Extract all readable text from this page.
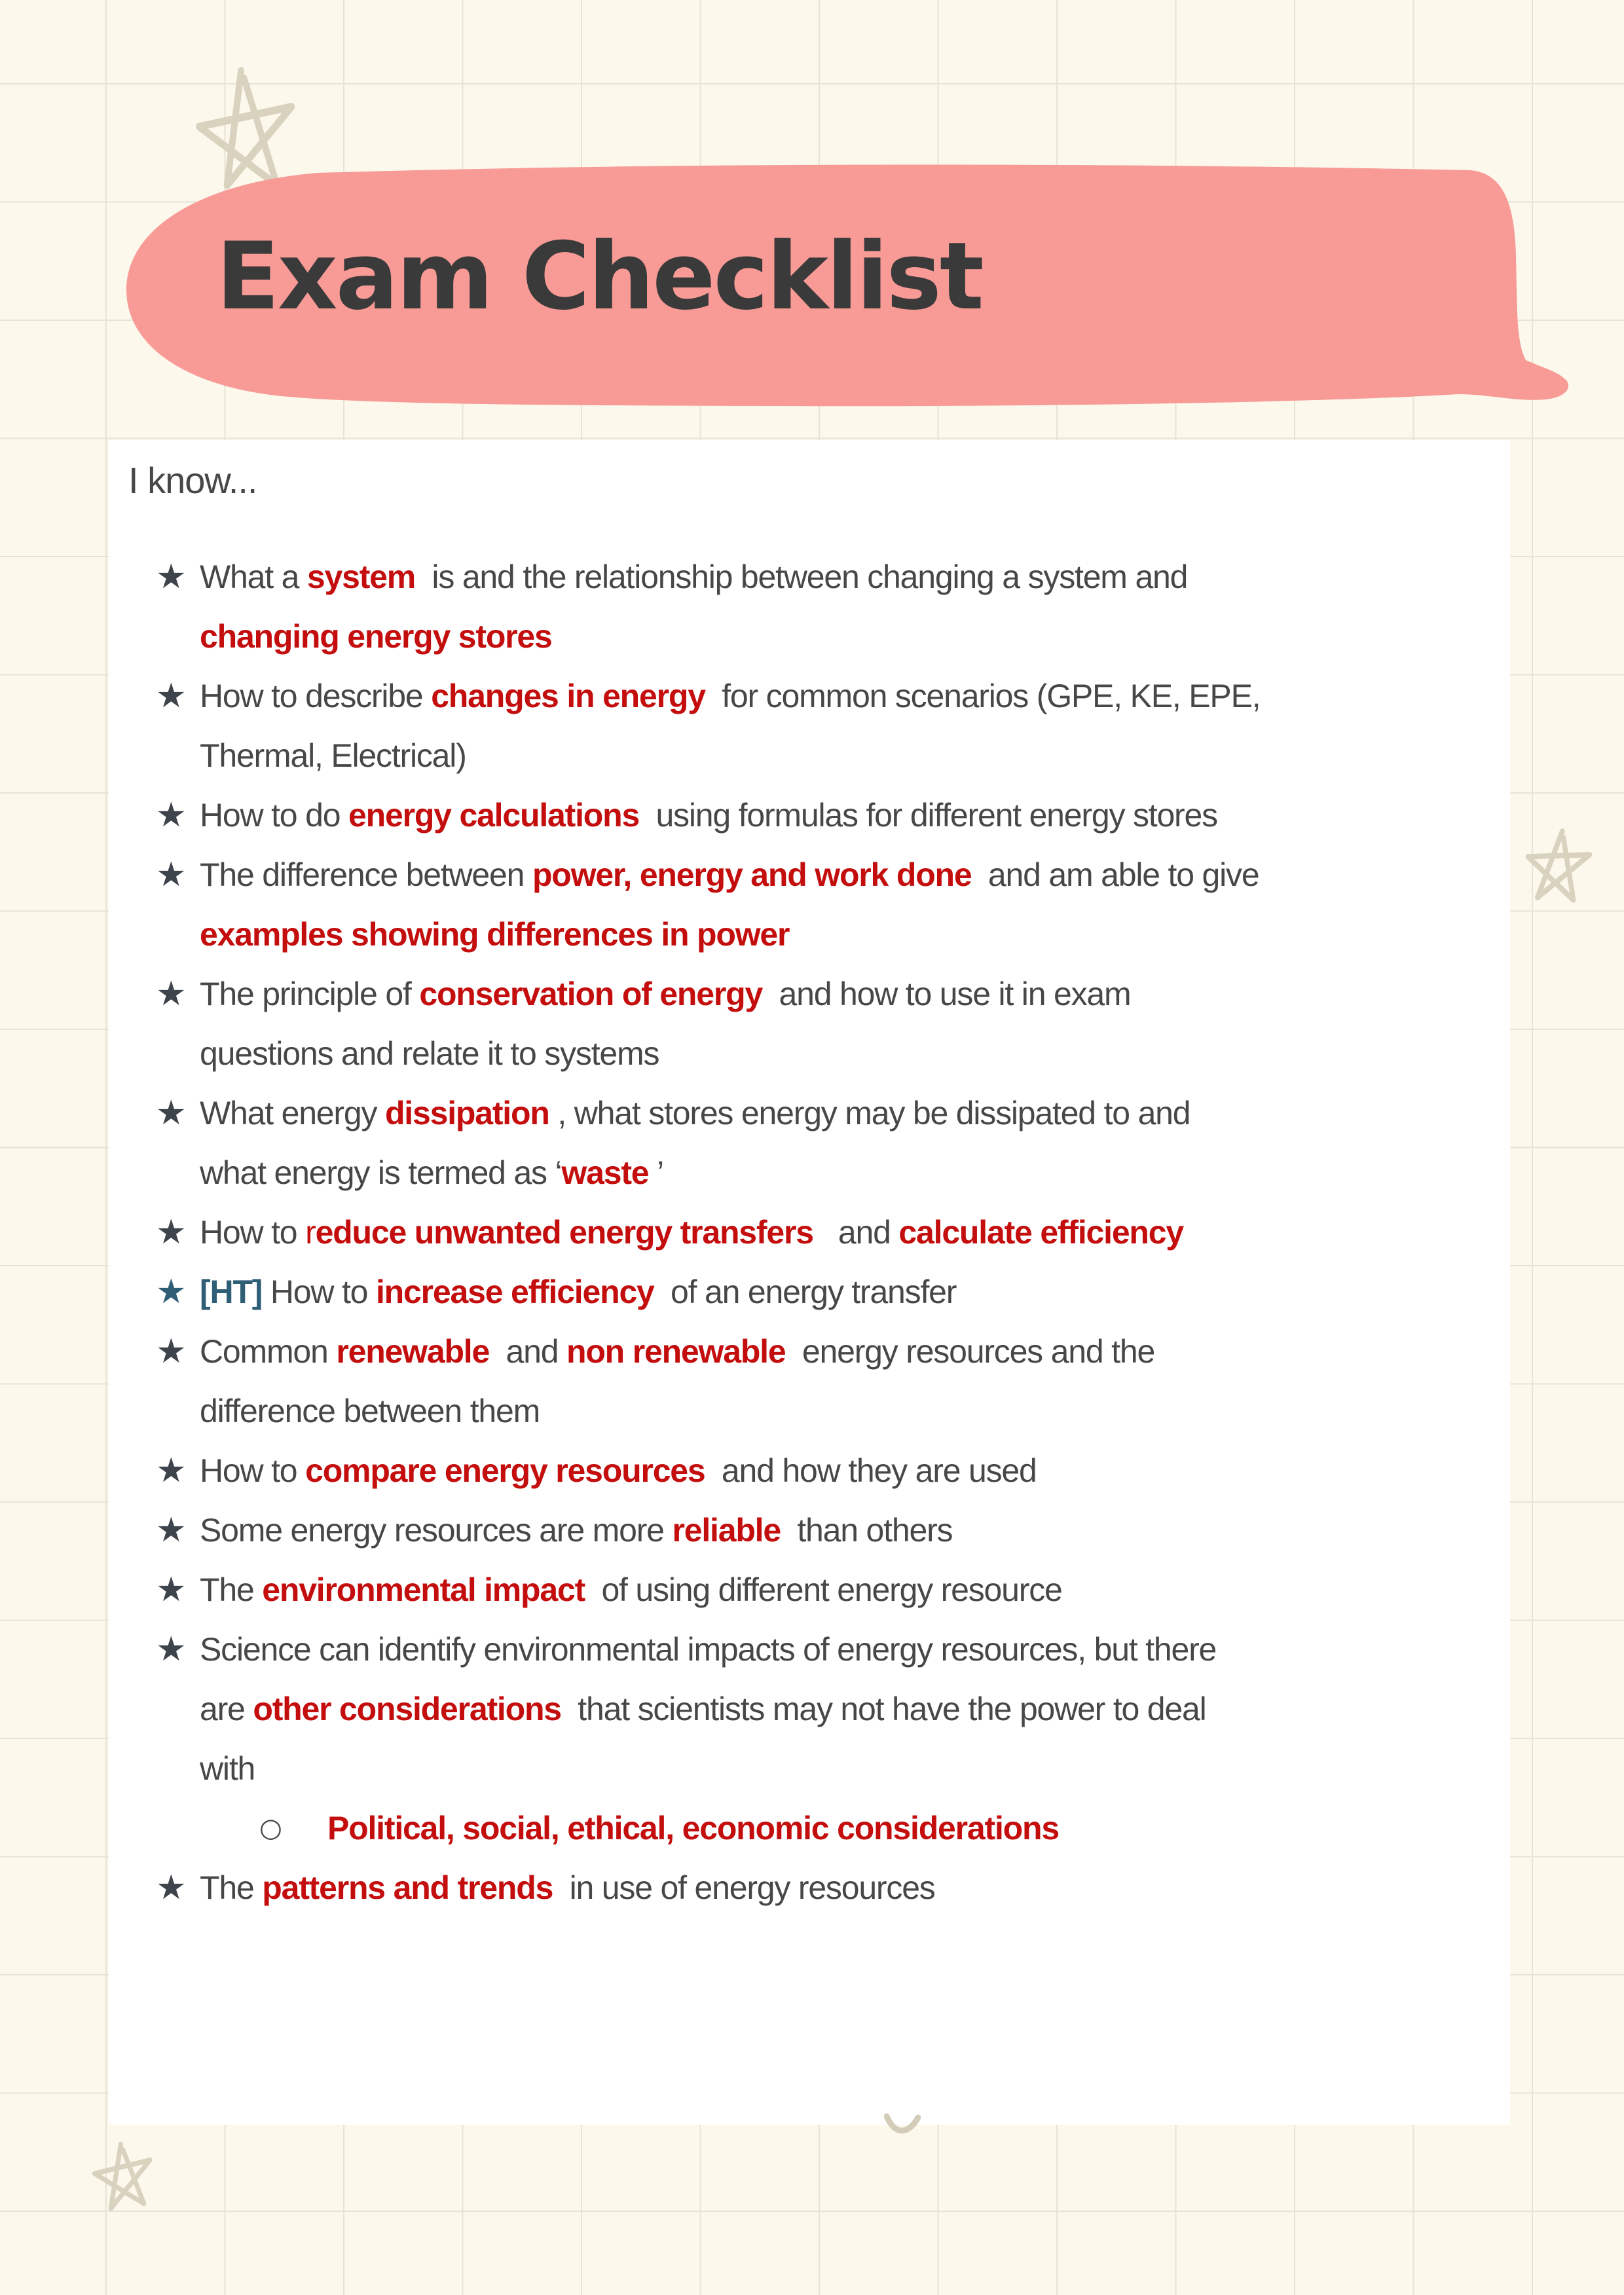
Exam Checklist
I know...
★ What a system  is and the relationship between changing a system and
changing energy stores
★ How to describe changes in energy  for common scenarios (GPE, KE, EPE,
Thermal, Electrical)
★ How to do energy calculations  using formulas for different energy stores
★ The difference between power, energy and work done  and am able to give
examples showing differences in power
★ The principle of conservation of energy  and how to use it in exam
questions and relate it to systems
★ What energy dissipation , what stores energy may be dissipated to and
what energy is termed as ‘waste ’
★ How to reduce unwanted energy transfers   and calculate efficiency
★ [HT] How to increase efficiency  of an energy transfer
★ Common renewable  and non renewable  energy resources and the
difference between them
★ How to compare energy resources  and how they are used
★ Some energy resources are more reliable  than others
★ The environmental impact  of using different energy resource
★ Science can identify environmental impacts of energy resources, but there
are other considerations  that scientists may not have the power to deal
with
○	Political, social, ethical, economic considerations
★ The patterns and trends  in use of energy resources
